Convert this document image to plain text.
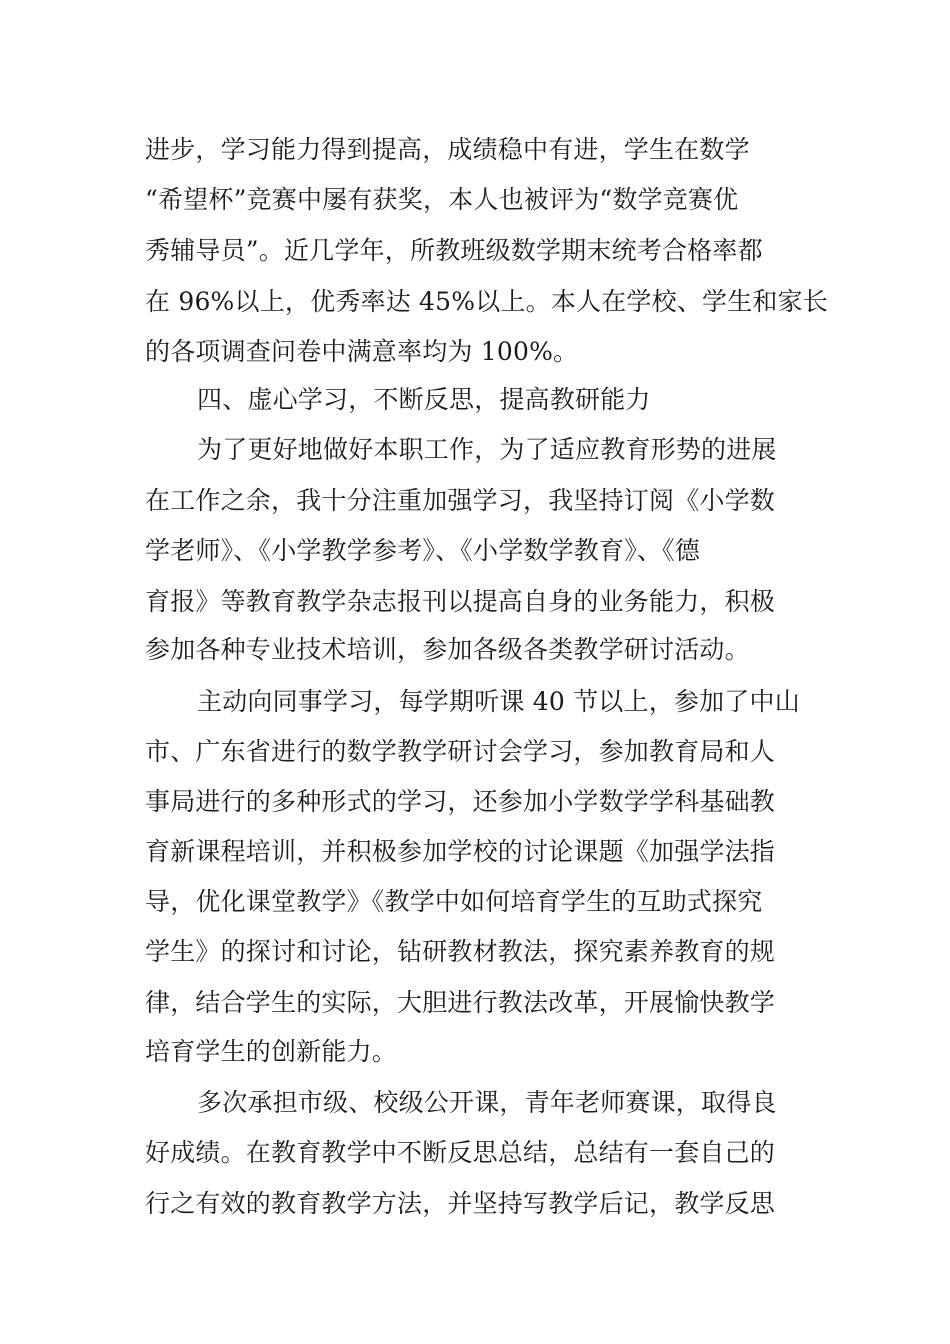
进步，学习能力得到提高，成绩稳中有进，学生在数学
“希望杯”竞赛中屡有获奖，本人也被评为“数学竞赛优
秀辅导员”。近几学年，所教班级数学期末统考合格率都
在 96%以上，优秀率达 45%以上。本人在学校、学生和家长
的各项调查问卷中满意率均为 100%。
四、虚心学习，不断反思，提高教研能力
为了更好地做好本职工作，为了适应教育形势的进展
在工作之余，我十分注重加强学习，我坚持订阅《小学数
学老师》、《小学教学参考》、《小学数学教育》、《德
育报》等教育教学杂志报刊以提高自身的业务能力，积极
参加各种专业技术培训，参加各级各类教学研讨活动。
主动向同事学习，每学期听课 40 节以上，参加了中山
市、广东省进行的数学教学研讨会学习，参加教育局和人
事局进行的多种形式的学习，还参加小学数学学科基础教
育新课程培训，并积极参加学校的讨论课题《加强学法指
导，优化课堂教学》《教学中如何培育学生的互助式探究
学生》的探讨和讨论，钻研教材教法，探究素养教育的规
律，结合学生的实际，大胆进行教法改革，开展愉快教学
培育学生的创新能力。
多次承担市级、校级公开课，青年老师赛课，取得良
好成绩。在教育教学中不断反思总结，总结有一套自己的
行之有效的教育教学方法，并坚持写教学后记，教学反思
